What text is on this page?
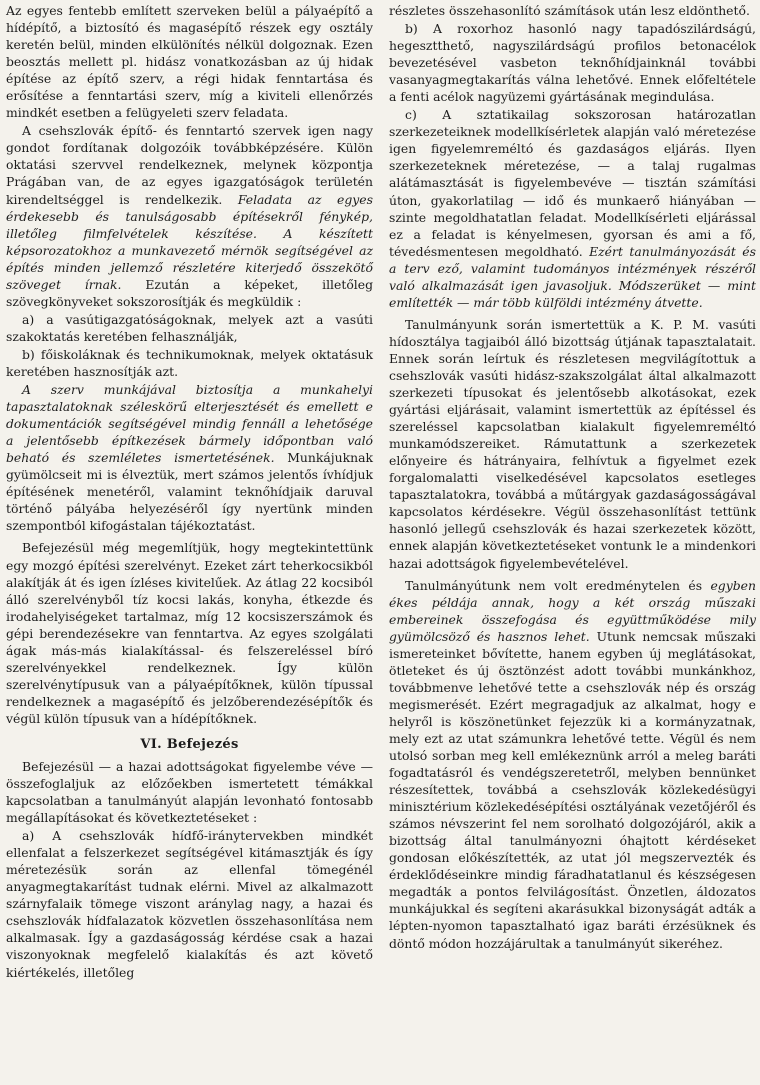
Az egyes fentebb említett szerveken belül a pályaépítő a hídépítő, a biztosító és magasépítő részek egy osztály keretén belül, minden elkülönítés nélkül dolgoznak. Ezen beosztás mellett pl. hidász vonatkozásban az új hidak építése az építő szerv, a régi hidak fenntartása és erősítése a fenntartási szerv, míg a kiviteli ellenőrzés mindkét esetben a felügyeleti szerv feladata.

A csehszlovák építő- és fenntartó szervek igen nagy gondot fordítanak dolgozóik továbbképzésére. Külön oktatási szervvel rendelkeznek, melynek központja Prágában van, de az egyes igazgatóságok területén kirendeltséggel is rendelkezik. Feladata az egyes érdekesebb és tanulságosabb építésekről fénykép, illetőleg filmfelvételek készítése. A készített képsorozatokhoz a munkavezető mérnök segítségével az építés minden jellemző részletére kiterjedő összekötő szöveget írnak. Ezután a képeket, illetőleg szövegkönyveket sokszorosítják és megküldik :

a) a vasútigazgatóságoknak, melyek azt a vasúti szakoktatás keretében felhasználják,

b) főiskoláknak és technikumoknak, melyek oktatásuk keretében hasznosítják azt.

A szerv munkájával biztosítja a munkahelyi tapasztalatoknak széleskörű elterjesztését és emellett e dokumentációk segítségével mindig fennáll a lehetősége a jelentősebb építkezések bármely időpontban való beható és szemléletes ismertetésének. Munkájuknak gyümölcseit mi is élveztük, mert számos jelentős ívhídjuk építésének menetéről, valamint teknőhídjaik daruval történő pályába helyezéséről így nyertünk minden szempontból kifogástalan tájékoztatást.

Befejezésül még megemlítjük, hogy megtekintettünk egy mozgó építési szerelvényt. Ezeket zárt teherkocsikból alakítják át és igen ízléses kivitelűek. Az átlag 22 kocsiból álló szerelvényből tíz kocsi lakás, konyha, étkezde és irodahelyiségeket tartalmaz, míg 12 kocsiszerszámok és gépi berendezésekre van fenntartva. Az egyes szolgálati ágak más-más kialakítással- és felszereléssel bíró szerelvényekkel rendelkeznek. Így külön szerelvénytípusuk van a pályaépítőknek, külön típussal rendelkeznek a magasépítő és jelzőberendezésépítők és végül külön típusuk van a hídépítőknek.

VI. Befejezés

Befejezésül — a hazai adottságokat figyelembe véve — összefoglaljuk az előzőekben ismertetett témákkal kapcsolatban a tanulmányút alapján levonható fontosabb megállapításokat és következtetéseket :

a) A csehszlovák hídfő-iránytervekben mindkét ellenfalat a felszerkezet segítségével kitámasztják és így méretezésük során az ellenfal tömegénél anyagmegtakarítást tudnak elérni. Mivel az alkalmazott szárnyfalaik tömege viszont aránylag nagy, a hazai és csehszlovák hídfalazatok közvetlen összehasonlítása nem alkalmasak. Így a gazdaságosság kérdése csak a hazai viszonyoknak megfelelő kialakítás és azt követő kiértékelés, illetőleg

részletes összehasonlító számítások után lesz eldönthető.

b) A roxorhoz hasonló nagy tapadószilárdságú, hegesztthető, nagyszilárdságú profilos betonacélok bevezetésével vasbeton teknőhídjainknál további vasanyagmegtakarítás válna lehetővé. Ennek előfeltétele a fenti acélok nagyüzemi gyártásának megindulása.

c) A sztatikailag sokszorosan határozatlan szerkezeteiknek modellkísérletek alapján való méretezése igen figyelemreméltó és gazdaságos eljárás. Ilyen szerkezeteknek méretezése, — a talaj rugalmas alátámasztását is figyelembevéve — tisztán számítási úton, gyakorlatilag — idő és munkaerő hiányában — szinte megoldhatatlan feladat. Modellkísérleti eljárással ez a feladat is kényelmesen, gyorsan és ami a fő, tévedésmentesen megoldható. Ezért tanulmányozását és a terv ező, valamint tudományos intézmények részéről való alkalmazását igen javasoljuk. Módszerüket — mint említették — már több külföldi intézmény átvette.

Tanulmányunk során ismertettük a K. P. M. vasúti hídosztálya tagjaiból álló bizottság útjának tapasztalatait. Ennek során leírtuk és részletesen megvilágítottuk a csehszlovák vasúti hidász-szakszolgálat által alkalmazott szerkezeti típusokat és jelentősebb alkotásokat, ezek gyártási eljárásait, valamint ismertettük az építéssel és szereléssel kapcsolatban kialakult figyelemreméltó munkamódszereiket. Rámutattunk a szerkezetek előnyeire és hátrányaira, felhívtuk a figyelmet ezek forgalomalatti viselkedésével kapcsolatos esetleges tapasztalatokra, továbbá a műtárgyak gazdaságosságával kapcsolatos kérdésekre. Végül összehasonlítást tettünk hasonló jellegű csehszlovák és hazai szerkezetek között, ennek alapján következtetéseket vontunk le a mindenkori hazai adottságok figyelembevételével.

Tanulmányútunk nem volt eredménytelen és egyben ékes példája annak, hogy a két ország műszaki embereinek összefogása és együttműködése mily gyümölcsöző és hasznos lehet. Utunk nemcsak műszaki ismereteinket bővítette, hanem egyben új meglátásokat, ötleteket és új ösztönzést adott további munkánkhoz, továbbmenve lehetővé tette a csehszlovák nép és ország megismerését. Ezért megragadjuk az alkalmat, hogy e helyről is köszönetünket fejezzük ki a kormányzatnak, mely ezt az utat számunkra lehetővé tette. Végül és nem utolsó sorban meg kell emlékeznünk arról a meleg baráti fogadtatásról és vendégszeretetről, melyben bennünket részesítettek, továbbá a csehszlovák közlekedésügyi minisztérium közlekedésépítési osztályának vezetőjéről és számos névszerint fel nem sorolható dolgozójáról, akik a bizottság által tanulmányozni óhajtott kérdéseket gondosan előkészítették, az utat jól megszervezték és érdeklődéseinkre mindig fáradhatatlanul és készségesen megadták a pontos felvilágosítást. Önzetlen, áldozatos munkájukkal és segíteni akarásukkal bizonyságát adták a lépten-nyomon tapasztalható igaz baráti érzésüknek és döntő módon hozzájárultak a tanulmányút sikeréhez.
